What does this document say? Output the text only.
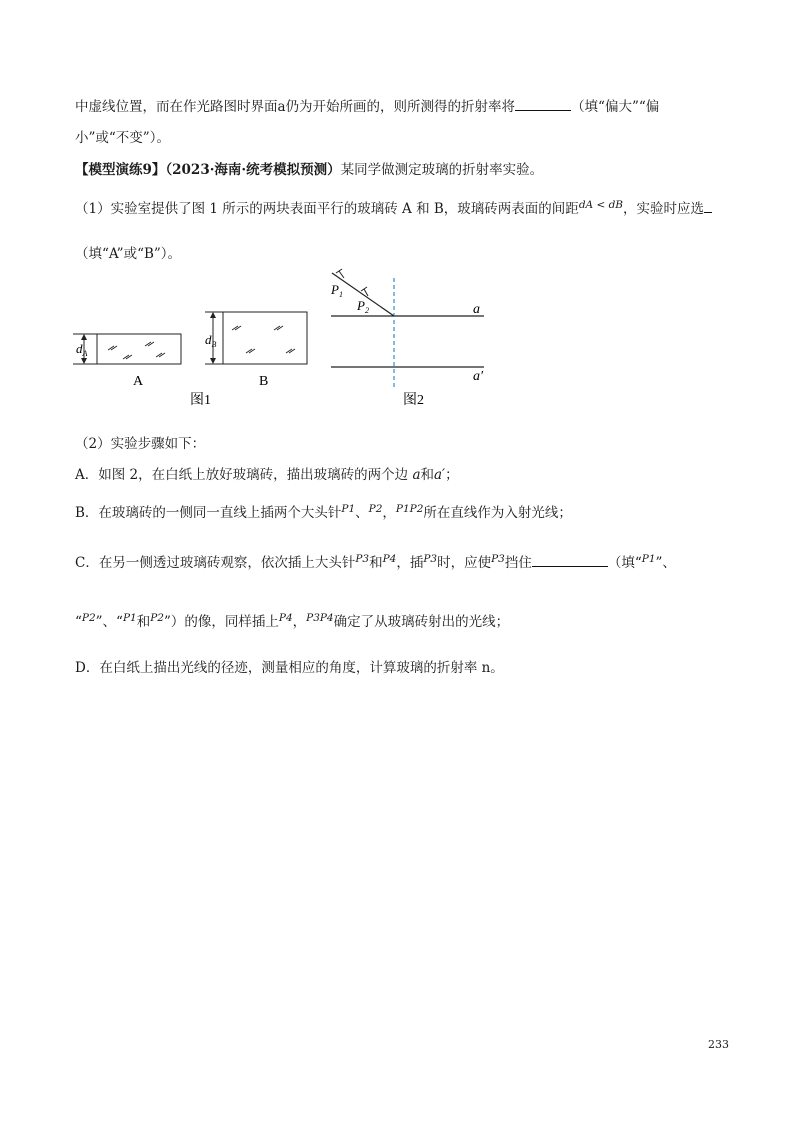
中虚线位置，而在作光路图时界面a仍为开始所画的，则所测得的折射率将	（填“偏大”“偏
小”或“不变”）。
【模型演练9】（2023·海南·统考模拟预测）某同学做测定玻璃的折射率实验。
（1）实验室提供了图 1 所示的两块表面平行的玻璃砖 A 和 B，玻璃砖两表面的间距$^{dA < dB}$，实验时应选
（填“A”或“B”）。
$d_A$
A
$d_B$
B
图1
$P_1$
$P_2$	a
a′
图2
（2）实验步骤如下：
A．如图 2，在白纸上放好玻璃砖，描出玻璃砖的两个边 a和a′；
B．在玻璃砖的一侧同一直线上插两个大头针$^{P1}$、$^{P2}$，$^{P1P2}$所在直线作为入射光线；
C．在另一侧透过玻璃砖观察，依次插上大头针$^{P3}$和$^{P4}$，插$^{P3}$时，应使$^{P3}$挡住	（填“$^{P1}$”、
“$^{P2}$”、“$^{P1}$和$^{P2}$”）的像，同样插上$^{P4}$，$^{P3P4}$确定了从玻璃砖射出的光线；
D．在白纸上描出光线的径迹，测量相应的角度，计算玻璃的折射率 n。
233
